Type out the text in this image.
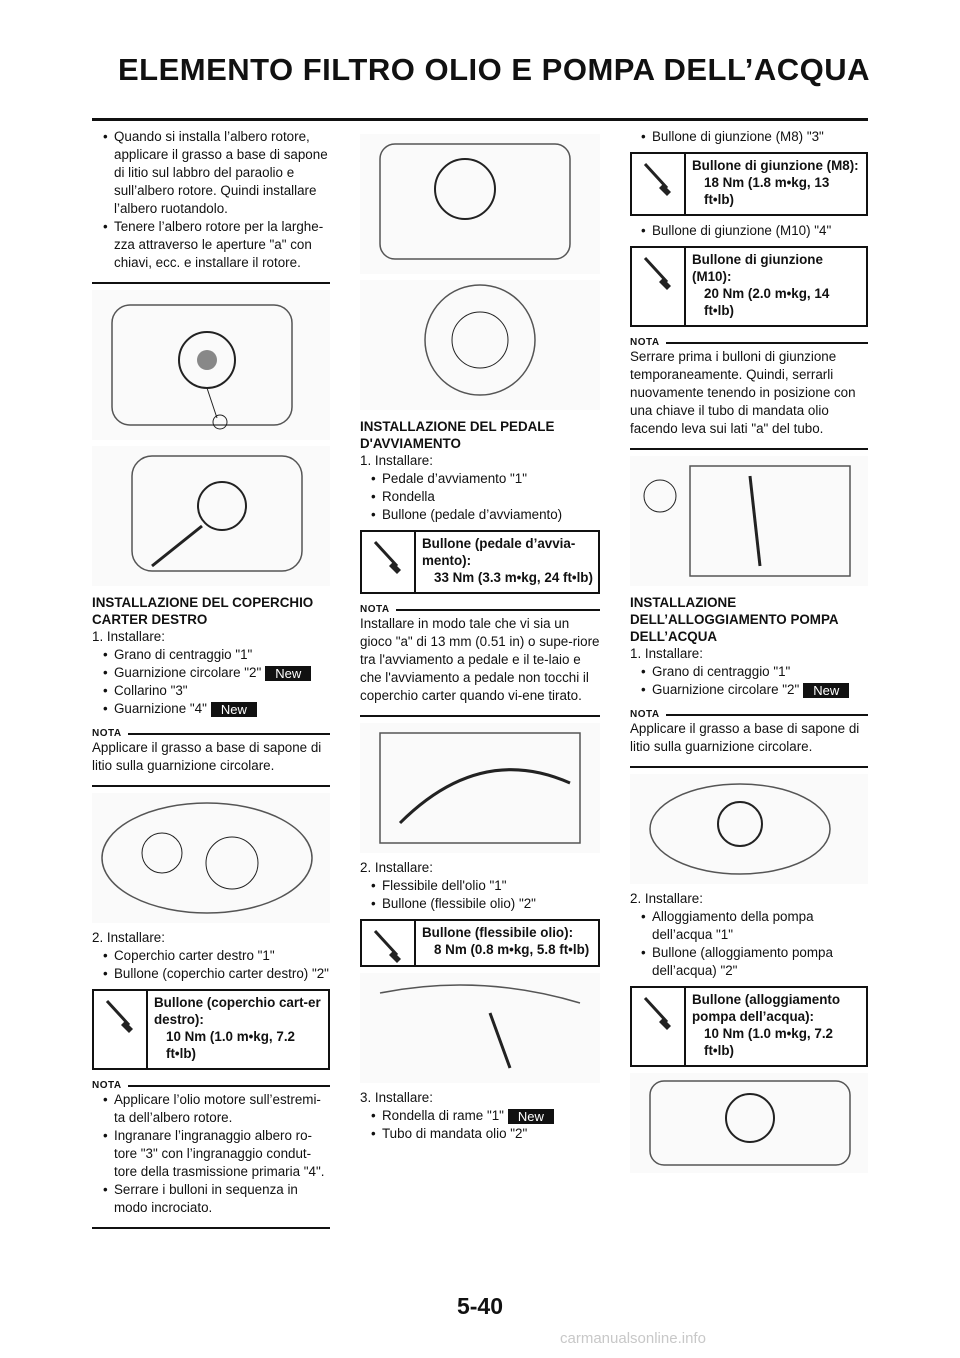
ELEMENTO FILTRO OLIO E POMPA DELL’ACQUA

• Quando si installa l’albero rotore, applicare il grasso a base di sapone di litio sul labbro del paraolio e sull’albero rotore. Quindi installare l’albero ruotandolo.

• Tenere l’albero rotore per la larghe-zza attraverso le aperture "a" con chiavi, ecc. e installare il rotore.

INSTALLAZIONE DEL COPERCHIO CARTER DESTRO

1. Installare:

• Grano di centraggio "1"

• Guarnizione circolare "2" New

• Collarino "3"

• Guarnizione "4" New

NOTA

Applicare il grasso a base di sapone di litio sulla guarnizione circolare.

2. Installare:

• Coperchio carter destro "1"

• Bullone (coperchio carter destro) "2"

Bullone (coperchio cart-er destro):
10 Nm (1.0 m•kg, 7.2 ft•lb)
NOTA

• Applicare l’olio motore sull’estremi-ta dell’albero rotore.

• Ingranare l’ingranaggio albero ro-tore "3" con l’ingranaggio condut-tore della trasmissione primaria "4".

• Serrare i bulloni in sequenza in modo incrociato.

INSTALLAZIONE DEL PEDALE D'AVVIAMENTO

1. Installare:

• Pedale d’avviamento "1"

• Rondella

• Bullone (pedale d’avviamento)

Bullone (pedale d’avvia-mento):
33 Nm (3.3 m•kg, 24 ft•lb)
NOTA

Installare in modo tale che vi sia un gioco "a" di 13 mm (0.51 in) o supe-riore tra l'avviamento a pedale e il te-laio e che l'avviamento a pedale non tocchi il coperchio carter quando vi-ene tirato.

2. Installare:

• Flessibile dell'olio "1"

• Bullone (flessibile olio) "2"

Bullone (flessibile olio):
8 Nm (0.8 m•kg, 5.8 ft•lb)

3. Installare:

• Rondella di rame "1" New

• Tubo di mandata olio "2"

• Bullone di giunzione (M8) "3"

Bullone di giunzione (M8):
18 Nm (1.8 m•kg, 13 ft•lb)

• Bullone di giunzione (M10) "4"

Bullone di giunzione (M10):
20 Nm (2.0 m•kg, 14 ft•lb)
NOTA

Serrare prima i bulloni di giunzione temporaneamente. Quindi, serrarli nuovamente tenendo in posizione con una chiave il tubo di mandata olio facendo leva sui lati "a" del tubo.

INSTALLAZIONE DELL’ALLOGGIAMENTO POMPA DELL’ACQUA

1. Installare:

• Grano di centraggio "1"

• Guarnizione circolare "2" New

NOTA

Applicare il grasso a base di sapone di litio sulla guarnizione circolare.

2. Installare:

• Alloggiamento della pompa dell’acqua "1"

• Bullone (alloggiamento pompa dell’acqua) "2"

Bullone (alloggiamento pompa dell’acqua):
10 Nm (1.0 m•kg, 7.2 ft•lb)
5-40
carmanualsonline.info
